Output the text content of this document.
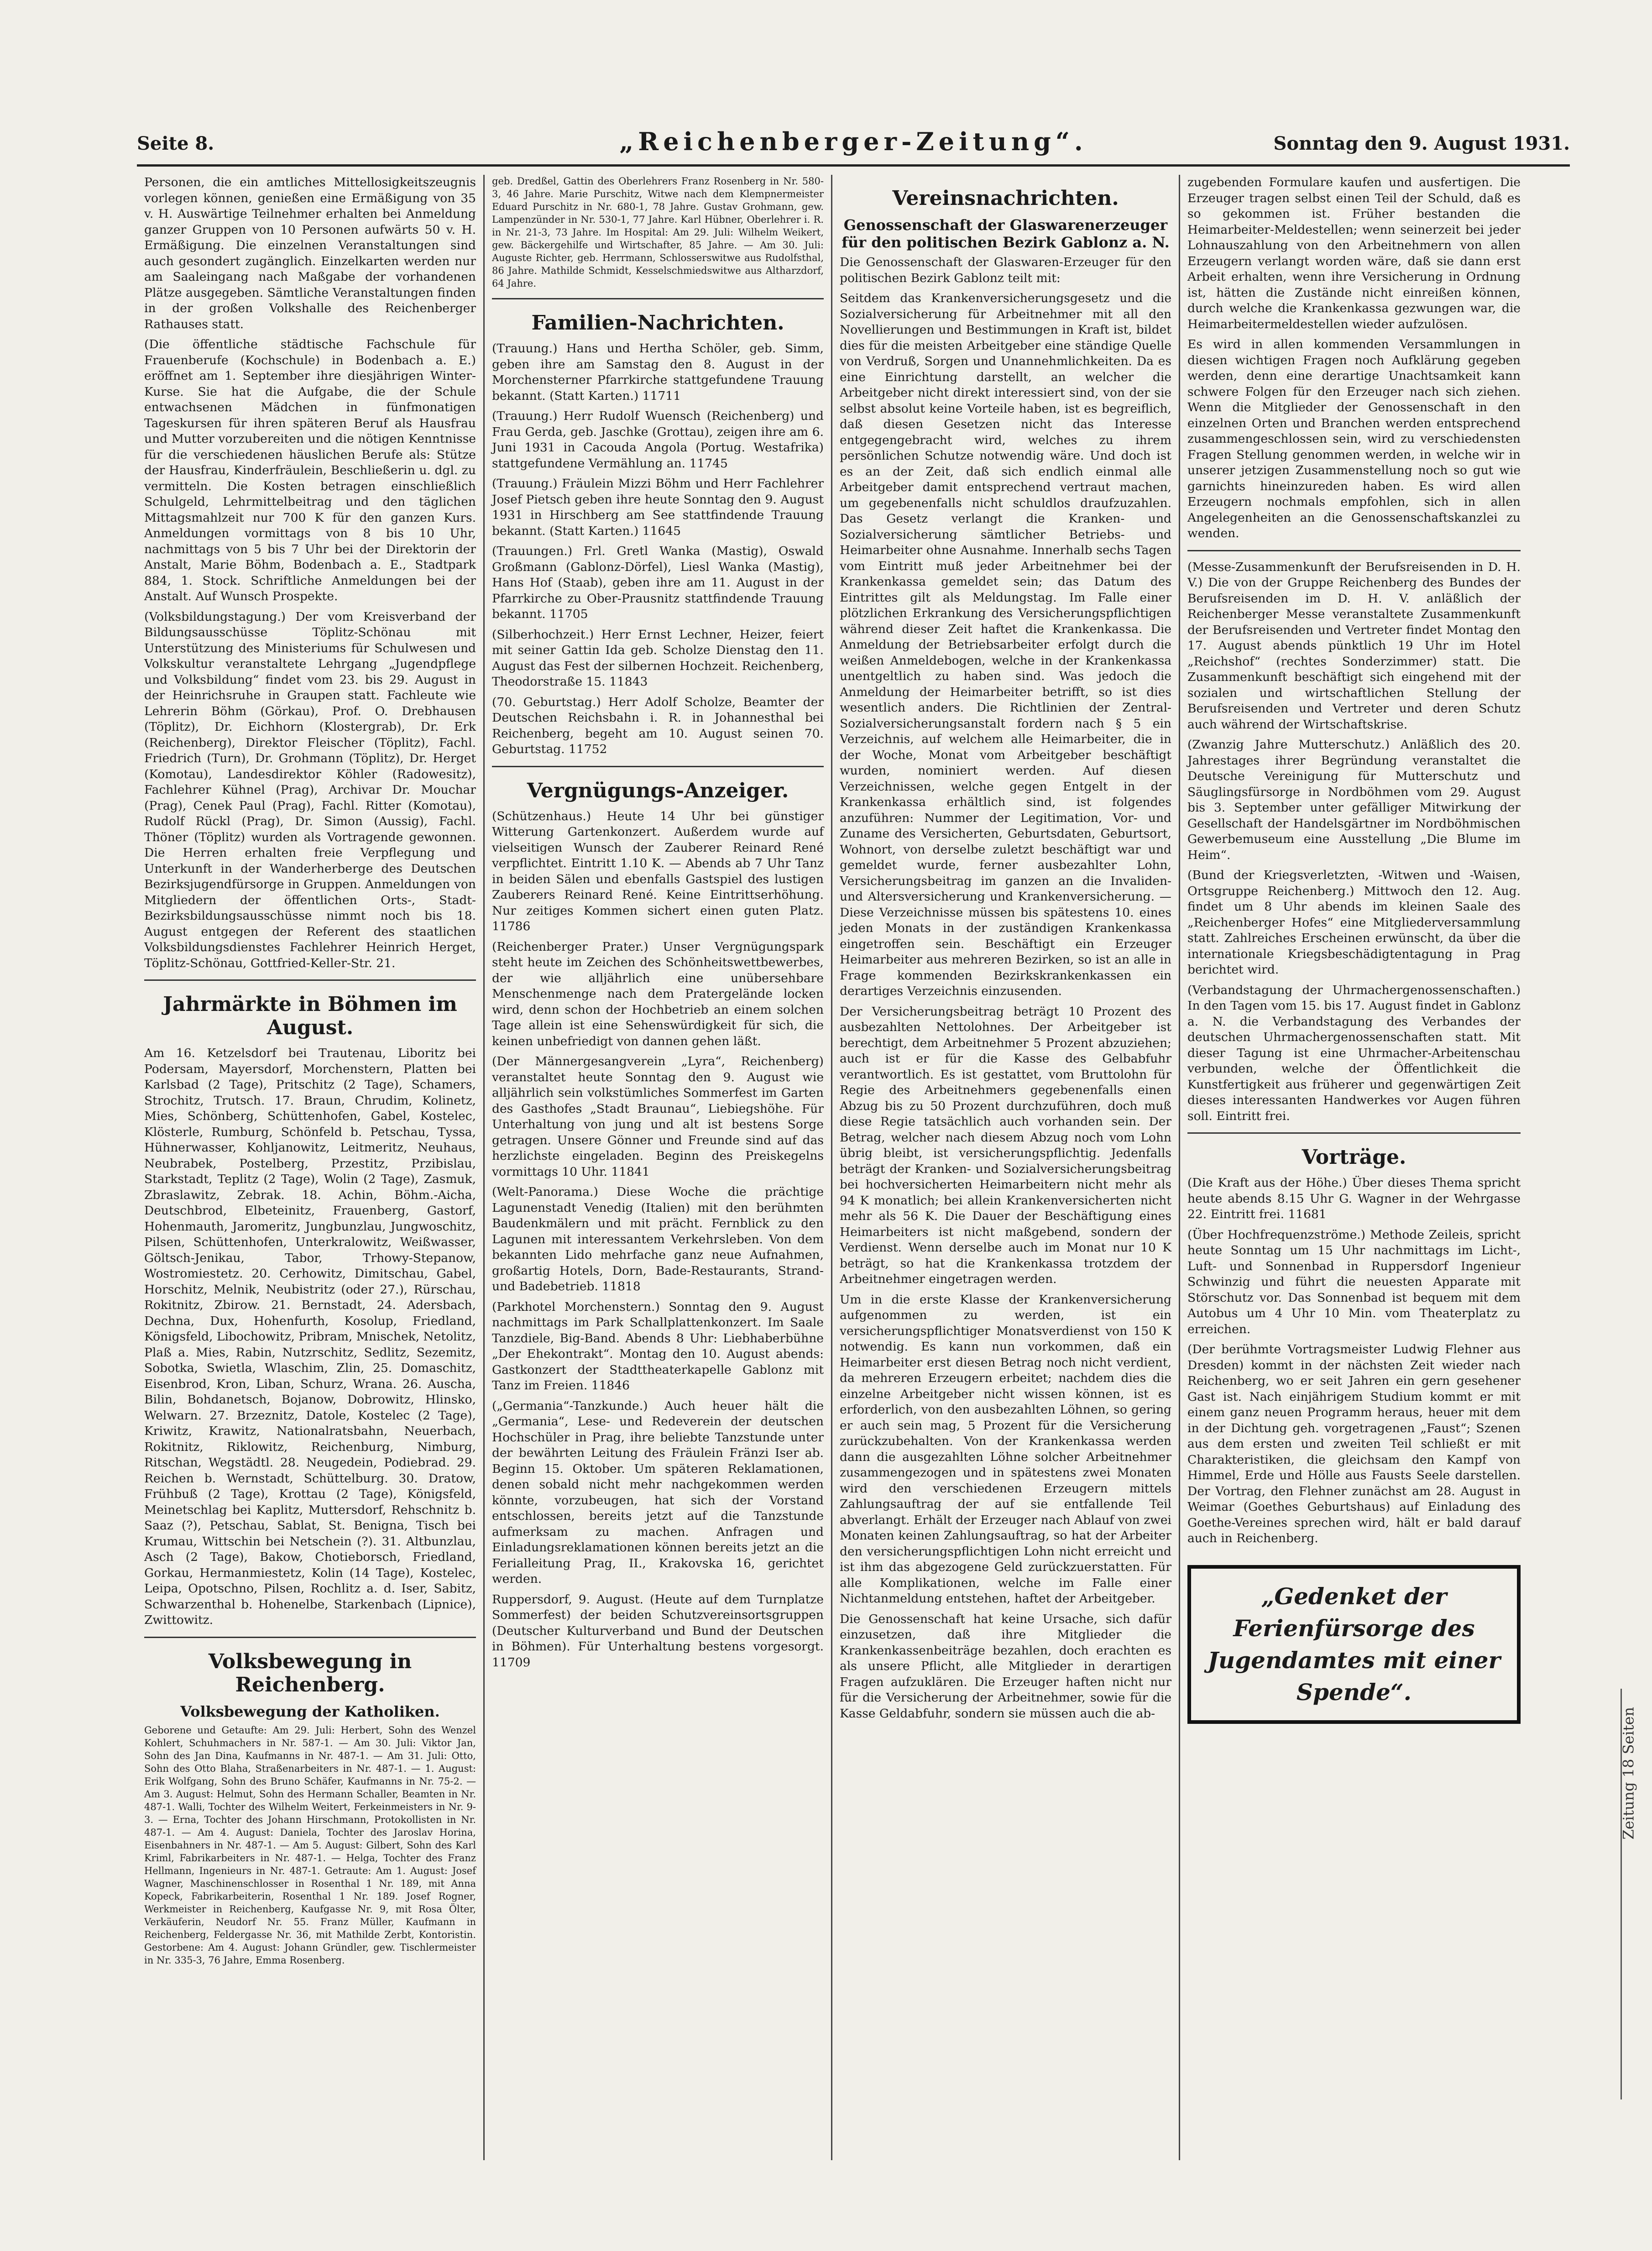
Seite 8.	„Reichenberger-Zeitung“.	Sonntag den 9. August 1931.

Personen, die ein amtliches Mittellosigkeitszeugnis vorlegen können, genießen eine Ermäßigung von 35 v. H. Auswärtige Teilnehmer erhalten bei Anmeldung ganzer Gruppen von 10 Personen aufwärts 50 v. H. Ermäßigung. Die einzelnen Veranstaltungen sind auch gesondert zugänglich. Einzelkarten werden nur am Saaleingang nach Maßgabe der vorhandenen Plätze ausgegeben. Sämtliche Veranstaltungen finden in der großen Volkshalle des Reichenberger Rathauses statt.

(Die öffentliche städtische Fachschule für Frauenberufe (Kochschule) in Bodenbach a. E.) eröffnet am 1. September ihre diesjährigen Winter-Kurse. Sie hat die Aufgabe, die der Schule entwachsenen Mädchen in fünfmonatigen Tageskursen für ihren späteren Beruf als Hausfrau und Mutter vorzubereiten und die nötigen Kenntnisse für die verschiedenen häuslichen Berufe als: Stütze der Hausfrau, Kinderfräulein, Beschließerin u. dgl. zu vermitteln. Die Kosten betragen einschließlich Schulgeld, Lehrmittelbeitrag und den täglichen Mittagsmahlzeit nur 700 K für den ganzen Kurs. Anmeldungen vormittags von 8 bis 10 Uhr, nachmittags von 5 bis 7 Uhr bei der Direktorin der Anstalt, Marie Böhm, Bodenbach a. E., Stadtpark 884, 1. Stock. Schriftliche Anmeldungen bei der Anstalt. Auf Wunsch Prospekte.

(Volksbildungstagung.) Der vom Kreisverband der Bildungsausschüsse Töplitz-Schönau mit Unterstützung des Ministeriums für Schulwesen und Volkskultur veranstaltete Lehrgang „Jugendpflege und Volksbildung“ findet vom 23. bis 29. August in der Heinrichsruhe in Graupen statt. Fachleute wie Lehrerin Böhm (Görkau), Prof. O. Drebhausen (Töplitz), Dr. Eichhorn (Klostergrab), Dr. Erk (Reichenberg), Direktor Fleischer (Töplitz), Fachl. Friedrich (Turn), Dr. Grohmann (Töplitz), Dr. Herget (Komotau), Landesdirektor Köhler (Radowesitz), Fachlehrer Kühnel (Prag), Archivar Dr. Mouchar (Prag), Cenek Paul (Prag), Fachl. Ritter (Komotau), Rudolf Rückl (Prag), Dr. Simon (Aussig), Fachl. Thöner (Töplitz) wurden als Vortragende gewonnen. Die Herren erhalten freie Verpflegung und Unterkunft in der Wanderherberge des Deutschen Bezirksjugendfürsorge in Gruppen. Anmeldungen von Mitgliedern der öffentlichen Orts-, Stadt-Bezirksbildungsausschüsse nimmt noch bis 18. August entgegen der Referent des staatlichen Volksbildungsdienstes Fachlehrer Heinrich Herget, Töplitz-Schönau, Gottfried-Keller-Str. 21.

Jahrmärkte in Böhmen im August.

Am 16. Ketzelsdorf bei Trautenau, Liboritz bei Podersam, Mayersdorf, Morchenstern, Platten bei Karlsbad (2 Tage), Pritschitz (2 Tage), Schamers, Strochitz, Trutsch. 17. Braun, Chrudim, Kolinetz, Mies, Schönberg, Schüttenhofen, Gabel, Kostelec, Klösterle, Rumburg, Schönfeld b. Petschau, Tyssa, Hühnerwasser, Kohljanowitz, Leitmeritz, Neuhaus, Neubrabek, Postelberg, Przestitz, Przibislau, Starkstadt, Teplitz (2 Tage), Wolin (2 Tage), Zasmuk, Zbraslawitz, Zebrak. 18. Achin, Böhm.-Aicha, Deutschbrod, Elbeteinitz, Frauenberg, Gastorf, Hohenmauth, Jaromeritz, Jungbunzlau, Jungwoschitz, Pilsen, Schüttenhofen, Unterkralowitz, Weißwasser, Göltsch-Jenikau, Tabor, Trhowy-Stepanow, Wostromiestetz. 20. Cerhowitz, Dimitschau, Gabel, Horschitz, Melnik, Neubistritz (oder 27.), Rürschau, Rokitnitz, Zbirow. 21. Bernstadt, 24. Adersbach, Dechna, Dux, Hohenfurth, Kosolup, Friedland, Königsfeld, Libochowitz, Pribram, Mnischek, Netolitz, Plaß a. Mies, Rabin, Nutzrschitz, Sedlitz, Sezemitz, Sobotka, Swietla, Wlaschim, Zlin, 25. Domaschitz, Eisenbrod, Kron, Liban, Schurz, Wrana. 26. Auscha, Bilin, Bohdanetsch, Bojanow, Dobrowitz, Hlinsko, Welwarn. 27. Brzeznitz, Datole, Kostelec (2 Tage), Kriwitz, Krawitz, Nationalratsbahn, Neuerbach, Rokitnitz, Riklowitz, Reichenburg, Nimburg, Ritschan, Wegstädtl. 28. Neugedein, Podiebrad. 29. Reichen b. Wernstadt, Schüttelburg. 30. Dratow, Frühbuß (2 Tage), Krottau (2 Tage), Königsfeld, Meinetschlag bei Kaplitz, Muttersdorf, Rehschnitz b. Saaz (?), Petschau, Sablat, St. Benigna, Tisch bei Krumau, Wittschin bei Netschein (?). 31. Altbunzlau, Asch (2 Tage), Bakow, Chotieborsch, Friedland, Gorkau, Hermanmiestetz, Kolin (14 Tage), Kostelec, Leipa, Opotschno, Pilsen, Rochlitz a. d. Iser, Sabitz, Schwarzenthal b. Hohenelbe, Starkenbach (Lipnice), Zwittowitz.

Volksbewegung in Reichenberg.
Volksbewegung der Katholiken.

Geborene und Getaufte: Am 29. Juli: Herbert, Sohn des Wenzel Kohlert, Schuhmachers in Nr. 587-1. — Am 30. Juli: Viktor Jan, Sohn des Jan Dina, Kaufmanns in Nr. 487-1. — Am 31. Juli: Otto, Sohn des Otto Blaha, Straßenarbeiters in Nr. 487-1. — 1. August: Erik Wolfgang, Sohn des Bruno Schäfer, Kaufmanns in Nr. 75-2. — Am 3. August: Helmut, Sohn des Hermann Schaller, Beamten in Nr. 487-1. Walli, Tochter des Wilhelm Weitert, Ferkeinmeisters in Nr. 9-3. — Erna, Tochter des Johann Hirschmann, Protokollisten in Nr. 487-1. — Am 4. August: Daniela, Tochter des Jaroslav Horina, Eisenbahners in Nr. 487-1. — Am 5. August: Gilbert, Sohn des Karl Kriml, Fabrikarbeiters in Nr. 487-1. — Helga, Tochter des Franz Hellmann, Ingenieurs in Nr. 487-1. Getraute: Am 1. August: Josef Wagner, Maschinenschlosser in Rosenthal 1 Nr. 189, mit Anna Kopeck, Fabrikarbeiterin, Rosenthal 1 Nr. 189. Josef Rogner, Werkmeister in Reichenberg, Kaufgasse Nr. 9, mit Rosa Ölter, Verkäuferin, Neudorf Nr. 55. Franz Müller, Kaufmann in Reichenberg, Feldergasse Nr. 36, mit Mathilde Zerbt, Kontoristin. Gestorbene: Am 4. August: Johann Gründler, gew. Tischlermeister in Nr. 335-3, 76 Jahre, Emma Rosenberg.

geb. Dredßel, Gattin des Oberlehrers Franz Rosenberg in Nr. 580-3, 46 Jahre. Marie Purschitz, Witwe nach dem Klempnermeister Eduard Purschitz in Nr. 680-1, 78 Jahre. Gustav Grohmann, gew. Lampenzünder in Nr. 530-1, 77 Jahre. Karl Hübner, Oberlehrer i. R. in Nr. 21-3, 73 Jahre. Im Hospital: Am 29. Juli: Wilhelm Weikert, gew. Bäckergehilfe und Wirtschafter, 85 Jahre. — Am 30. Juli: Auguste Richter, geb. Herrmann, Schlosserswitwe aus Rudolfsthal, 86 Jahre. Mathilde Schmidt, Kesselschmiedswitwe aus Altharzdorf, 64 Jahre.

Familien-Nachrichten.

(Trauung.) Hans und Hertha Schöler, geb. Simm, geben ihre am Samstag den 8. August in der Morchensterner Pfarrkirche stattgefundene Trauung bekannt. (Statt Karten.) 11711

(Trauung.) Herr Rudolf Wuensch (Reichenberg) und Frau Gerda, geb. Jaschke (Grottau), zeigen ihre am 6. Juni 1931 in Cacouda Angola (Portug. Westafrika) stattgefundene Vermählung an. 11745

(Trauung.) Fräulein Mizzi Böhm und Herr Fachlehrer Josef Pietsch geben ihre heute Sonntag den 9. August 1931 in Hirschberg am See stattfindende Trauung bekannt. (Statt Karten.) 11645

(Trauungen.) Frl. Gretl Wanka (Mastig), Oswald Großmann (Gablonz-Dörfel), Liesl Wanka (Mastig), Hans Hof (Staab), geben ihre am 11. August in der Pfarrkirche zu Ober-Prausnitz stattfindende Trauung bekannt. 11705

(Silberhochzeit.) Herr Ernst Lechner, Heizer, feiert mit seiner Gattin Ida geb. Scholze Dienstag den 11. August das Fest der silbernen Hochzeit. Reichenberg, Theodorstraße 15. 11843

(70. Geburtstag.) Herr Adolf Scholze, Beamter der Deutschen Reichsbahn i. R. in Johannesthal bei Reichenberg, begeht am 10. August seinen 70. Geburtstag. 11752

Vergnügungs-Anzeiger.

(Schützenhaus.) Heute 14 Uhr bei günstiger Witterung Gartenkonzert. Außerdem wurde auf vielseitigen Wunsch der Zauberer Reinard René verpflichtet. Eintritt 1.10 K. — Abends ab 7 Uhr Tanz in beiden Sälen und ebenfalls Gastspiel des lustigen Zauberers Reinard René. Keine Eintrittserhöhung. Nur zeitiges Kommen sichert einen guten Platz. 11786

(Reichenberger Prater.) Unser Vergnügungspark steht heute im Zeichen des Schönheitswettbewerbes, der wie alljährlich eine unübersehbare Menschenmenge nach dem Pratergelände locken wird, denn schon der Hochbetrieb an einem solchen Tage allein ist eine Sehenswürdigkeit für sich, die keinen unbefriedigt von dannen gehen läßt.

(Der Männergesangverein „Lyra“, Reichenberg) veranstaltet heute Sonntag den 9. August wie alljährlich sein volkstümliches Sommerfest im Garten des Gasthofes „Stadt Braunau“, Liebiegshöhe. Für Unterhaltung von jung und alt ist bestens Sorge getragen. Unsere Gönner und Freunde sind auf das herzlichste eingeladen. Beginn des Preiskegelns vormittags 10 Uhr. 11841

(Welt-Panorama.) Diese Woche die prächtige Lagunenstadt Venedig (Italien) mit den berühmten Baudenkmälern und mit prächt. Fernblick zu den Lagunen mit interessantem Verkehrsleben. Von dem bekannten Lido mehrfache ganz neue Aufnahmen, großartig Hotels, Dorn, Bade-Restaurants, Strand- und Badebetrieb. 11818

(Parkhotel Morchenstern.) Sonntag den 9. August nachmittags im Park Schallplattenkonzert. Im Saale Tanzdiele, Big-Band. Abends 8 Uhr: Liebhaberbühne „Der Ehekontrakt“. Montag den 10. August abends: Gastkonzert der Stadttheaterkapelle Gablonz mit Tanz im Freien. 11846

(„Germania“-Tanzkunde.) Auch heuer hält die „Germania“, Lese- und Redeverein der deutschen Hochschüler in Prag, ihre beliebte Tanzstunde unter der bewährten Leitung des Fräulein Fränzi Iser ab. Beginn 15. Oktober. Um späteren Reklamationen, denen sobald nicht mehr nachgekommen werden könnte, vorzubeugen, hat sich der Vorstand entschlossen, bereits jetzt auf die Tanzstunde aufmerksam zu machen. Anfragen und Einladungsreklamationen können bereits jetzt an die Ferialleitung Prag, II., Krakovska 16, gerichtet werden.

Ruppersdorf, 9. August. (Heute auf dem Turnplatze Sommerfest) der beiden Schutzvereinsortsgruppen (Deutscher Kulturverband und Bund der Deutschen in Böhmen). Für Unterhaltung bestens vorgesorgt. 11709

Vereinsnachrichten.
Genossenschaft der Glaswarenerzeuger für den politischen Bezirk Gablonz a. N.

Die Genossenschaft der Glaswaren-Erzeuger für den politischen Bezirk Gablonz teilt mit:

Seitdem das Krankenversicherungsgesetz und die Sozialversicherung für Arbeitnehmer mit all den Novellierungen und Bestimmungen in Kraft ist, bildet dies für die meisten Arbeitgeber eine ständige Quelle von Verdruß, Sorgen und Unannehmlichkeiten. Da es eine Einrichtung darstellt, an welcher die Arbeitgeber nicht direkt interessiert sind, von der sie selbst absolut keine Vorteile haben, ist es begreiflich, daß diesen Gesetzen nicht das Interesse entgegengebracht wird, welches zu ihrem persönlichen Schutze notwendig wäre. Und doch ist es an der Zeit, daß sich endlich einmal alle Arbeitgeber damit entsprechend vertraut machen, um gegebenenfalls nicht schuldlos draufzuzahlen. Das Gesetz verlangt die Kranken- und Sozialversicherung sämtlicher Betriebs- und Heimarbeiter ohne Ausnahme. Innerhalb sechs Tagen vom Eintritt muß jeder Arbeitnehmer bei der Krankenkassa gemeldet sein; das Datum des Eintrittes gilt als Meldungstag. Im Falle einer plötzlichen Erkrankung des Versicherungspflichtigen während dieser Zeit haftet die Krankenkassa. Die Anmeldung der Betriebsarbeiter erfolgt durch die weißen Anmeldebogen, welche in der Krankenkassa unentgeltlich zu haben sind. Was jedoch die Anmeldung der Heimarbeiter betrifft, so ist dies wesentlich anders. Die Richtlinien der Zentral-Sozialversicherungsanstalt fordern nach § 5 ein Verzeichnis, auf welchem alle Heimarbeiter, die in der Woche, Monat vom Arbeitgeber beschäftigt wurden, nominiert werden. Auf diesen Verzeichnissen, welche gegen Entgelt in der Krankenkassa erhältlich sind, ist folgendes anzuführen: Nummer der Legitimation, Vor- und Zuname des Versicherten, Geburtsdaten, Geburtsort, Wohnort, von derselbe zuletzt beschäftigt war und gemeldet wurde, ferner ausbezahlter Lohn, Versicherungsbeitrag im ganzen an die Invaliden- und Altersversicherung und Krankenversicherung. — Diese Verzeichnisse müssen bis spätestens 10. eines jeden Monats in der zuständigen Krankenkassa eingetroffen sein. Beschäftigt ein Erzeuger Heimarbeiter aus mehreren Bezirken, so ist an alle in Frage kommenden Bezirkskrankenkassen ein derartiges Verzeichnis einzusenden.

Der Versicherungsbeitrag beträgt 10 Prozent des ausbezahlten Nettolohnes. Der Arbeitgeber ist berechtigt, dem Arbeitnehmer 5 Prozent abzuziehen; auch ist er für die Kasse des Gelbabfuhr verantwortlich. Es ist gestattet, vom Bruttolohn für Regie des Arbeitnehmers gegebenenfalls einen Abzug bis zu 50 Prozent durchzuführen, doch muß diese Regie tatsächlich auch vorhanden sein. Der Betrag, welcher nach diesem Abzug noch vom Lohn übrig bleibt, ist versicherungspflichtig. Jedenfalls beträgt der Kranken- und Sozialversicherungsbeitrag bei hochversicherten Heimarbeitern nicht mehr als 94 K monatlich; bei allein Krankenversicherten nicht mehr als 56 K. Die Dauer der Beschäftigung eines Heimarbeiters ist nicht maßgebend, sondern der Verdienst. Wenn derselbe auch im Monat nur 10 K beträgt, so hat die Krankenkassa trotzdem der Arbeitnehmer eingetragen werden.

Um in die erste Klasse der Krankenversicherung aufgenommen zu werden, ist ein versicherungspflichtiger Monatsverdienst von 150 K notwendig. Es kann nun vorkommen, daß ein Heimarbeiter erst diesen Betrag noch nicht verdient, da mehreren Erzeugern erbeitet; nachdem dies die einzelne Arbeitgeber nicht wissen können, ist es erforderlich, von den ausbezahlten Löhnen, so gering er auch sein mag, 5 Prozent für die Versicherung zurückzubehalten. Von der Krankenkassa werden dann die ausgezahlten Löhne solcher Arbeitnehmer zusammengezogen und in spätestens zwei Monaten wird den verschiedenen Erzeugern mittels Zahlungsauftrag der auf sie entfallende Teil abverlangt. Erhält der Erzeuger nach Ablauf von zwei Monaten keinen Zahlungsauftrag, so hat der Arbeiter den versicherungspflichtigen Lohn nicht erreicht und ist ihm das abgezogene Geld zurückzuerstatten. Für alle Komplikationen, welche im Falle einer Nichtanmeldung entstehen, haftet der Arbeitgeber.

Die Genossenschaft hat keine Ursache, sich dafür einzusetzen, daß ihre Mitglieder die Krankenkassenbeiträge bezahlen, doch erachten es als unsere Pflicht, alle Mitglieder in derartigen Fragen aufzuklären. Die Erzeuger haften nicht nur für die Versicherung der Arbeitnehmer, sowie für die Kasse Geldabfuhr, sondern sie müssen auch die ab-

zugebenden Formulare kaufen und ausfertigen. Die Erzeuger tragen selbst einen Teil der Schuld, daß es so gekommen ist. Früher bestanden die Heimarbeiter-Meldestellen; wenn seinerzeit bei jeder Lohnauszahlung von den Arbeitnehmern von allen Erzeugern verlangt worden wäre, daß sie dann erst Arbeit erhalten, wenn ihre Versicherung in Ordnung ist, hätten die Zustände nicht einreißen können, durch welche die Krankenkassa gezwungen war, die Heimarbeitermeldestellen wieder aufzulösen.

Es wird in allen kommenden Versammlungen in diesen wichtigen Fragen noch Aufklärung gegeben werden, denn eine derartige Unachtsamkeit kann schwere Folgen für den Erzeuger nach sich ziehen. Wenn die Mitglieder der Genossenschaft in den einzelnen Orten und Branchen werden entsprechend zusammengeschlossen sein, wird zu verschiedensten Fragen Stellung genommen werden, in welche wir in unserer jetzigen Zusammenstellung noch so gut wie garnichts hineinzureden haben. Es wird allen Erzeugern nochmals empfohlen, sich in allen Angelegenheiten an die Genossenschaftskanzlei zu wenden.

(Messe-Zusammenkunft der Berufsreisenden in D. H. V.) Die von der Gruppe Reichenberg des Bundes der Berufsreisenden im D. H. V. anläßlich der Reichenberger Messe veranstaltete Zusammenkunft der Berufsreisenden und Vertreter findet Montag den 17. August abends pünktlich 19 Uhr im Hotel „Reichshof“ (rechtes Sonderzimmer) statt. Die Zusammenkunft beschäftigt sich eingehend mit der sozialen und wirtschaftlichen Stellung der Berufsreisenden und Vertreter und deren Schutz auch während der Wirtschaftskrise.

(Zwanzig Jahre Mutterschutz.) Anläßlich des 20. Jahrestages ihrer Begründung veranstaltet die Deutsche Vereinigung für Mutterschutz und Säuglingsfürsorge in Nordböhmen vom 29. August bis 3. September unter gefälliger Mitwirkung der Gesellschaft der Handelsgärtner im Nordböhmischen Gewerbemuseum eine Ausstellung „Die Blume im Heim“.

(Bund der Kriegsverletzten, -Witwen und -Waisen, Ortsgruppe Reichenberg.) Mittwoch den 12. Aug. findet um 8 Uhr abends im kleinen Saale des „Reichenberger Hofes“ eine Mitgliederversammlung statt. Zahlreiches Erscheinen erwünscht, da über die internationale Kriegsbeschädigtentagung in Prag berichtet wird.

(Verbandstagung der Uhrmachergenossenschaften.) In den Tagen vom 15. bis 17. August findet in Gablonz a. N. die Verbandstagung des Verbandes der deutschen Uhrmachergenossenschaften statt. Mit dieser Tagung ist eine Uhrmacher-Arbeitenschau verbunden, welche der Öffentlichkeit die Kunstfertigkeit aus früherer und gegenwärtigen Zeit dieses interessanten Handwerkes vor Augen führen soll. Eintritt frei.

Vorträge.

(Die Kraft aus der Höhe.) Über dieses Thema spricht heute abends 8.15 Uhr G. Wagner in der Wehrgasse 22. Eintritt frei. 11681

(Über Hochfrequenzströme.) Methode Zeileis, spricht heute Sonntag um 15 Uhr nachmittags im Licht-, Luft- und Sonnenbad in Ruppersdorf Ingenieur Schwinzig und führt die neuesten Apparate mit Störschutz vor. Das Sonnenbad ist bequem mit dem Autobus um 4 Uhr 10 Min. vom Theaterplatz zu erreichen.

(Der berühmte Vortragsmeister Ludwig Flehner aus Dresden) kommt in der nächsten Zeit wieder nach Reichenberg, wo er seit Jahren ein gern gesehener Gast ist. Nach einjährigem Studium kommt er mit einem ganz neuen Programm heraus, heuer mit dem in der Dichtung geh. vorgetragenen „Faust“; Szenen aus dem ersten und zweiten Teil schließt er mit Charakteristiken, die gleichsam den Kampf von Himmel, Erde und Hölle aus Fausts Seele darstellen. Der Vortrag, den Flehner zunächst am 28. August in Weimar (Goethes Geburtshaus) auf Einladung des Goethe-Vereines sprechen wird, hält er bald darauf auch in Reichenberg.

„Gedenket der Ferienfürsorge des Jugendamtes mit einer Spende“.
Zeitung 18 Seiten
